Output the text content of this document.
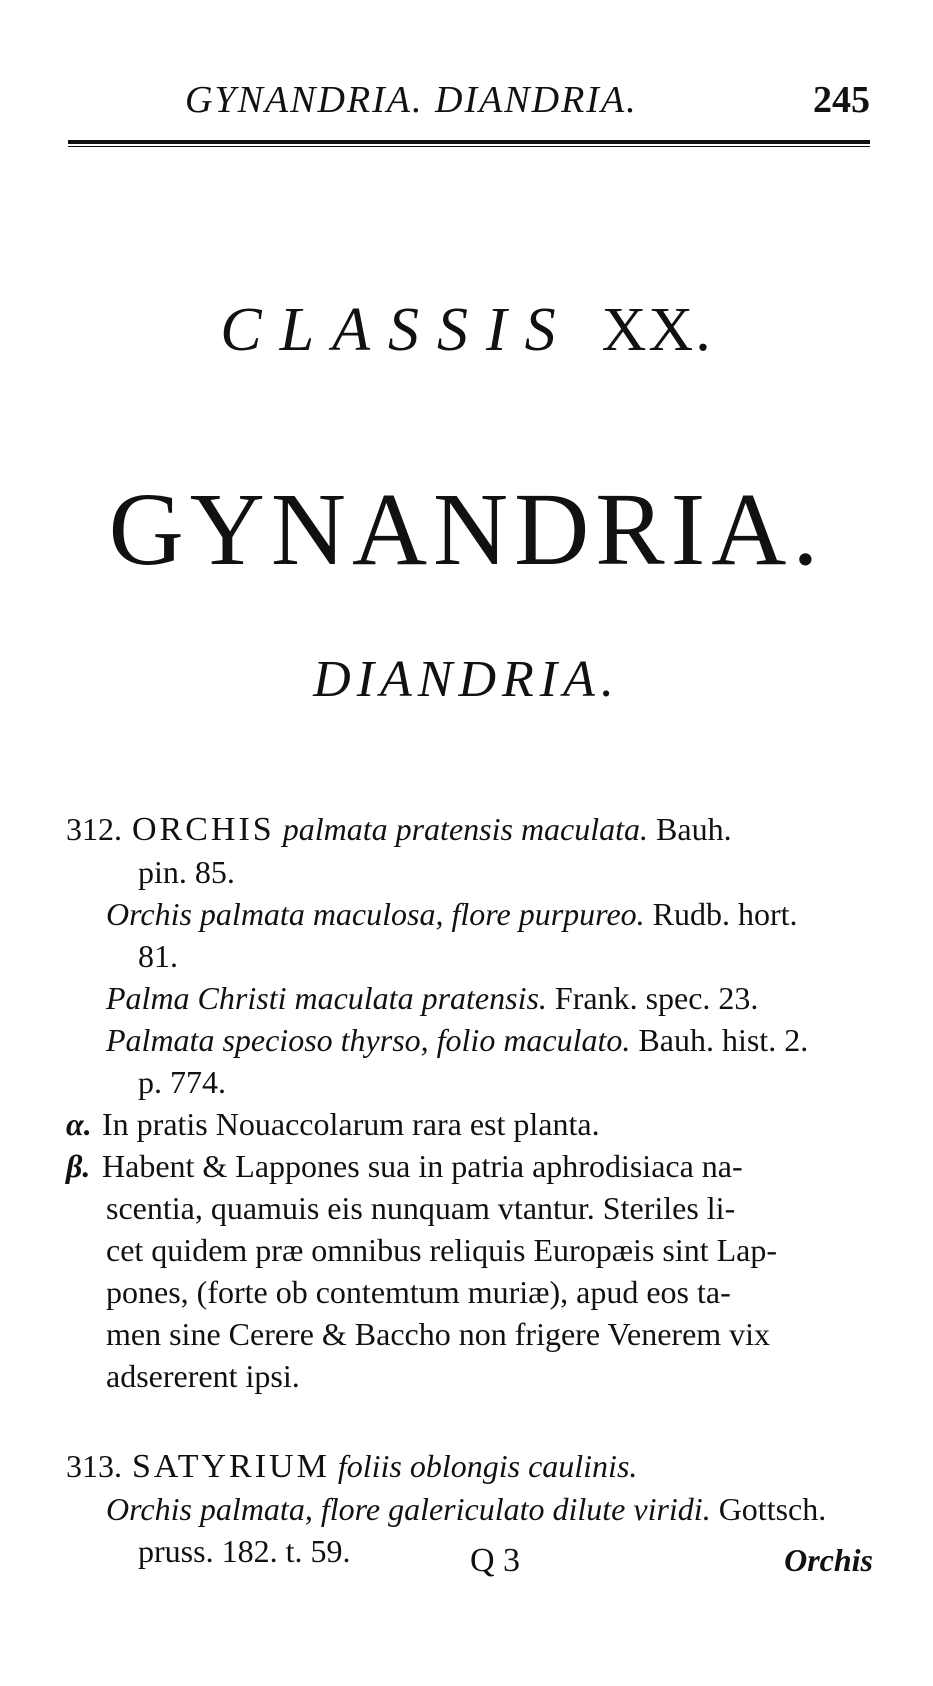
GYNANDRIA. DIANDRIA.	245
CLASSIS XX.
GYNANDRIA.
DIANDRIA.
312. ORCHIS palmata pratensis maculata. Bauh.
pin. 85.
Orchis palmata maculosa, flore purpureo. Rudb. hort.
81.
Palma Christi maculata pratensis. Frank. spec. 23.
Palmata specioso thyrso, folio maculato. Bauh. hist. 2.
p. 774.
α. In pratis Nouaccolarum rara est planta.
β. Habent & Lappones sua in patria aphrodisiaca na-
scentia, quamuis eis nunquam vtantur. Steriles li-
cet quidem præ omnibus reliquis Europæis sint Lap-
pones, (forte ob contemtum muriæ), apud eos ta-
men sine Cerere & Baccho non frigere Venerem vix
adsererent ipsi.
313. SATYRIUM foliis oblongis caulinis.
Orchis palmata, flore galericulato dilute viridi. Gottsch.
pruss. 182. t. 59.	Q 3	Orchis
